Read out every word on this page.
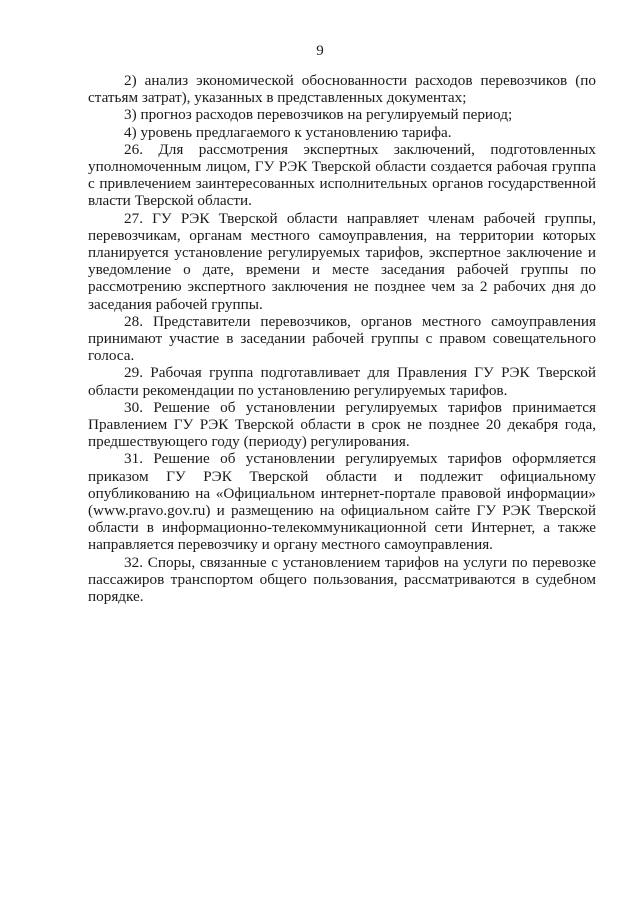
9

2) анализ экономической обоснованности расходов перевозчиков (по статьям затрат), указанных в представленных документах;

3) прогноз расходов перевозчиков на регулируемый период;

4) уровень предлагаемого к установлению тарифа.

26. Для рассмотрения экспертных заключений, подготовленных уполномоченным лицом, ГУ РЭК Тверской области создается рабочая группа с привлечением заинтересованных исполнительных органов государственной власти Тверской области.

27. ГУ РЭК Тверской области направляет членам рабочей группы, перевозчикам, органам местного самоуправления, на территории которых планируется установление регулируемых тарифов, экспертное заключение и уведомление о дате, времени и месте заседания рабочей группы по рассмотрению экспертного заключения не позднее чем за 2 рабочих дня до заседания рабочей группы.

28. Представители перевозчиков, органов местного самоуправления принимают участие в заседании рабочей группы с правом совещательного голоса.

29. Рабочая группа подготавливает для Правления ГУ РЭК Тверской области рекомендации по установлению регулируемых тарифов.

30. Решение об установлении регулируемых тарифов принимается Правлением ГУ РЭК Тверской области в срок не позднее 20 декабря года, предшествующего году (периоду) регулирования.

31. Решение об установлении регулируемых тарифов оформляется приказом ГУ РЭК Тверской области и подлежит официальному опубликованию на «Официальном интернет-портале правовой информации» (www.pravo.gov.ru) и размещению на официальном сайте ГУ РЭК Тверской области в информационно-телекоммуникационной сети Интернет, а также направляется перевозчику и органу местного самоуправления.

32. Споры, связанные с установлением тарифов на услуги по перевозке пассажиров транспортом общего пользования, рассматриваются в судебном порядке.
